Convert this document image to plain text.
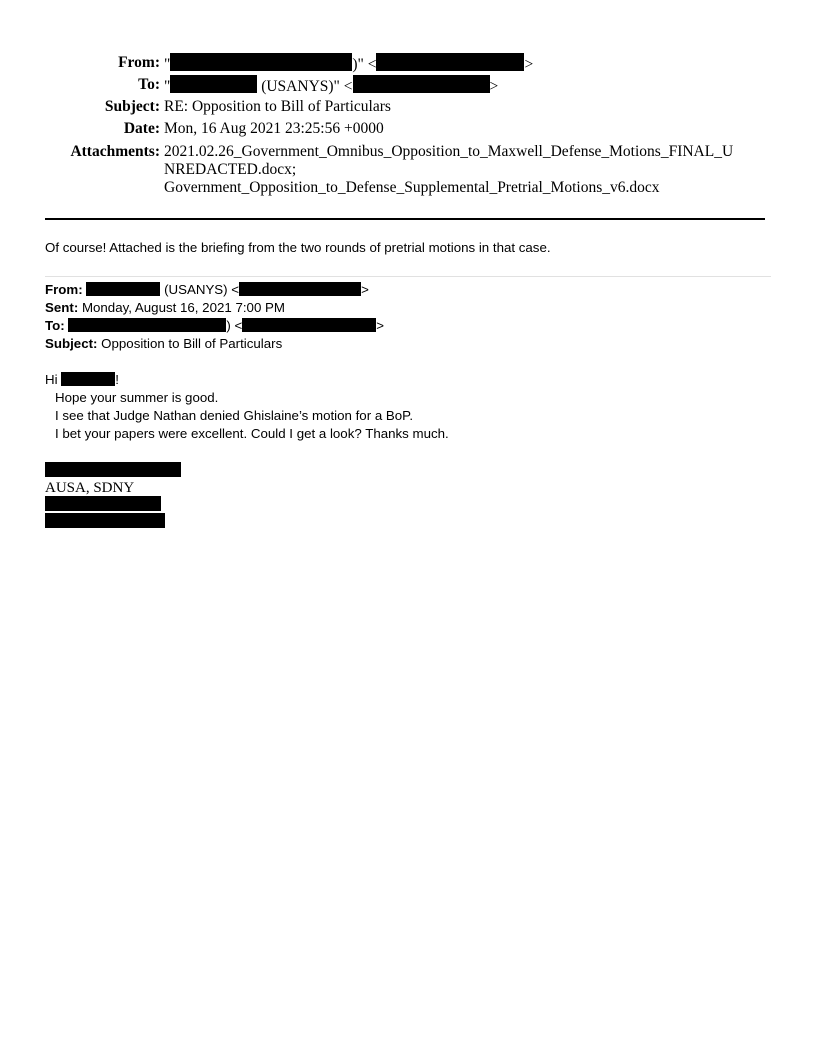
From: "	)" <	>
To: "	(USANYS)" <	>
Subject: RE: Opposition to Bill of Particulars
Date: Mon, 16 Aug 2021 23:25:56 +0000
Attachments: 2021.02.26_Government_Omnibus_Opposition_to_Maxwell_Defense_Motions_FINAL_U
NREDACTED.docx;
Government_Opposition_to_Defense_Supplemental_Pretrial_Motions_v6.docx
Of course! Attached is the briefing from the two rounds of pretrial motions in that case.
From:	(USANYS) <	>
Sent: Monday, August 16, 2021 7:00 PM
To:	) <	>
Subject: Opposition to Bill of Particulars
Hi	!
Hope your summer is good.
I see that Judge Nathan denied Ghislaine’s motion for a BoP.
I bet your papers were excellent. Could I get a look? Thanks much.
AUSA, SDNY
